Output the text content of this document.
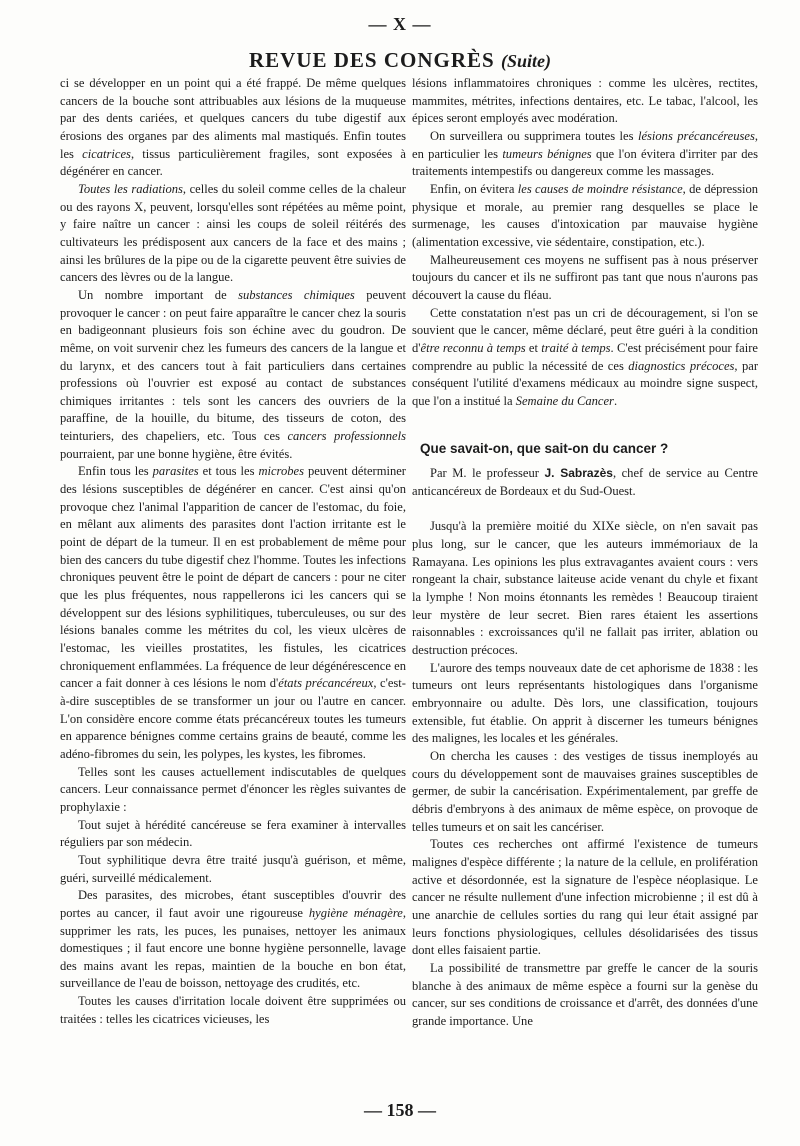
— X —
REVUE DES CONGRÈS (Suite)

ci se développer en un point qui a été frappé. De même quelques cancers de la bouche sont attribuables aux lésions de la muqueuse par des dents cariées, et quelques cancers du tube digestif aux érosions des organes par des aliments mal mastiqués. Enfin toutes les cicatrices, tissus particulièrement fragiles, sont exposées à dégénérer en cancer.

Toutes les radiations, celles du soleil comme celles de la chaleur ou des rayons X, peuvent, lorsqu'elles sont répétées au même point, y faire naître un cancer : ainsi les coups de soleil réitérés des cultivateurs les prédisposent aux cancers de la face et des mains ; ainsi les brûlures de la pipe ou de la cigarette peuvent être suivies de cancers des lèvres ou de la langue.

Un nombre important de substances chimiques peuvent provoquer le cancer : on peut faire apparaître le cancer chez la souris en badigeonnant plusieurs fois son échine avec du goudron. De même, on voit survenir chez les fumeurs des cancers de la langue et du larynx, et des cancers tout à fait particuliers dans certaines professions où l'ouvrier est exposé au contact de substances chimiques irritantes : tels sont les cancers des ouvriers de la paraffine, de la houille, du bitume, des tisseurs de coton, des teinturiers, des chapeliers, etc. Tous ces cancers professionnels pourraient, par une bonne hygiène, être évités.

Enfin tous les parasites et tous les microbes peuvent déterminer des lésions susceptibles de dégénérer en cancer. C'est ainsi qu'on provoque chez l'animal l'apparition de cancer de l'estomac, du foie, en mêlant aux aliments des parasites dont l'action irritante est le point de départ de la tumeur. Il en est probablement de même pour bien des cancers du tube digestif chez l'homme. Toutes les infections chroniques peuvent être le point de départ de cancers : pour ne citer que les plus fréquentes, nous rappellerons ici les cancers qui se développent sur des lésions syphilitiques, tuberculeuses, ou sur des lésions banales comme les métrites du col, les vieux ulcères de l'estomac, les vieilles prostatites, les fistules, les cicatrices chroniquement enflammées. La fréquence de leur dégénérescence en cancer a fait donner à ces lésions le nom d'états précancéreux, c'est-à-dire susceptibles de se transformer un jour ou l'autre en cancer. L'on considère encore comme états précancéreux toutes les tumeurs en apparence bénignes comme certains grains de beauté, comme les adéno-fibromes du sein, les polypes, les kystes, les fibromes.

Telles sont les causes actuellement indiscutables de quelques cancers. Leur connaissance permet d'énoncer les règles suivantes de prophylaxie :

Tout sujet à hérédité cancéreuse se fera examiner à intervalles réguliers par son médecin.

Tout syphilitique devra être traité jusqu'à guérison, et même, guéri, surveillé médicalement.

Des parasites, des microbes, étant susceptibles d'ouvrir des portes au cancer, il faut avoir une rigoureuse hygiène ménagère, supprimer les rats, les puces, les punaises, nettoyer les animaux domestiques ; il faut encore une bonne hygiène personnelle, lavage des mains avant les repas, maintien de la bouche en bon état, surveillance de l'eau de boisson, nettoyage des crudités, etc.

Toutes les causes d'irritation locale doivent être supprimées ou traitées : telles les cicatrices vicieuses, les

lésions inflammatoires chroniques : comme les ulcères, rectites, mammites, métrites, infections dentaires, etc. Le tabac, l'alcool, les épices seront employés avec modération.

On surveillera ou supprimera toutes les lésions précancéreuses, en particulier les tumeurs bénignes que l'on évitera d'irriter par des traitements intempestifs ou dangereux comme les massages.

Enfin, on évitera les causes de moindre résistance, de dépression physique et morale, au premier rang desquelles se place le surmenage, les causes d'intoxication par mauvaise hygiène (alimentation excessive, vie sédentaire, constipation, etc.).

Malheureusement ces moyens ne suffisent pas à nous préserver toujours du cancer et ils ne suffiront pas tant que nous n'aurons pas découvert la cause du fléau.

Cette constatation n'est pas un cri de découragement, si l'on se souvient que le cancer, même déclaré, peut être guéri à la condition d'être reconnu à temps et traité à temps. C'est précisément pour faire comprendre au public la nécessité de ces diagnostics précoces, par conséquent l'utilité d'examens médicaux au moindre signe suspect, que l'on a institué la Semaine du Cancer.

Que savait-on, que sait-on du cancer ?

Par M. le professeur J. Sabrazès, chef de service au Centre anticancéreux de Bordeaux et du Sud-Ouest.

Jusqu'à la première moitié du XIXe siècle, on n'en savait pas plus long, sur le cancer, que les auteurs immémoriaux de la Ramayana. Les opinions les plus extravagantes avaient cours : vers rongeant la chair, substance laiteuse acide venant du chyle et fixant la lymphe ! Non moins étonnants les remèdes ! Beaucoup tiraient leur mystère de leur secret. Bien rares étaient les assertions raisonnables : excroissances qu'il ne fallait pas irriter, ablation ou destruction précoces.

L'aurore des temps nouveaux date de cet aphorisme de 1838 : les tumeurs ont leurs représentants histologiques dans l'organisme embryonnaire ou adulte. Dès lors, une classification, toujours extensible, fut établie. On apprit à discerner les tumeurs bénignes des malignes, les locales et les générales.

On chercha les causes : des vestiges de tissus inemployés au cours du développement sont de mauvaises graines susceptibles de germer, de subir la cancérisation. Expérimentalement, par greffe de débris d'embryons à des animaux de même espèce, on provoque de telles tumeurs et on sait les cancériser.

Toutes ces recherches ont affirmé l'existence de tumeurs malignes d'espèce différente ; la nature de la cellule, en prolifération active et désordonnée, est la signature de l'espèce néoplasique. Le cancer ne résulte nullement d'une infection microbienne ; il est dû à une anarchie de cellules sorties du rang qui leur était assigné par leurs fonctions physiologiques, cellules désolidarisées des tissus dont elles faisaient partie.

La possibilité de transmettre par greffe le cancer de la souris blanche à des animaux de même espèce a fourni sur la genèse du cancer, sur ses conditions de croissance et d'arrêt, des données d'une grande importance. Une

— 158 —
